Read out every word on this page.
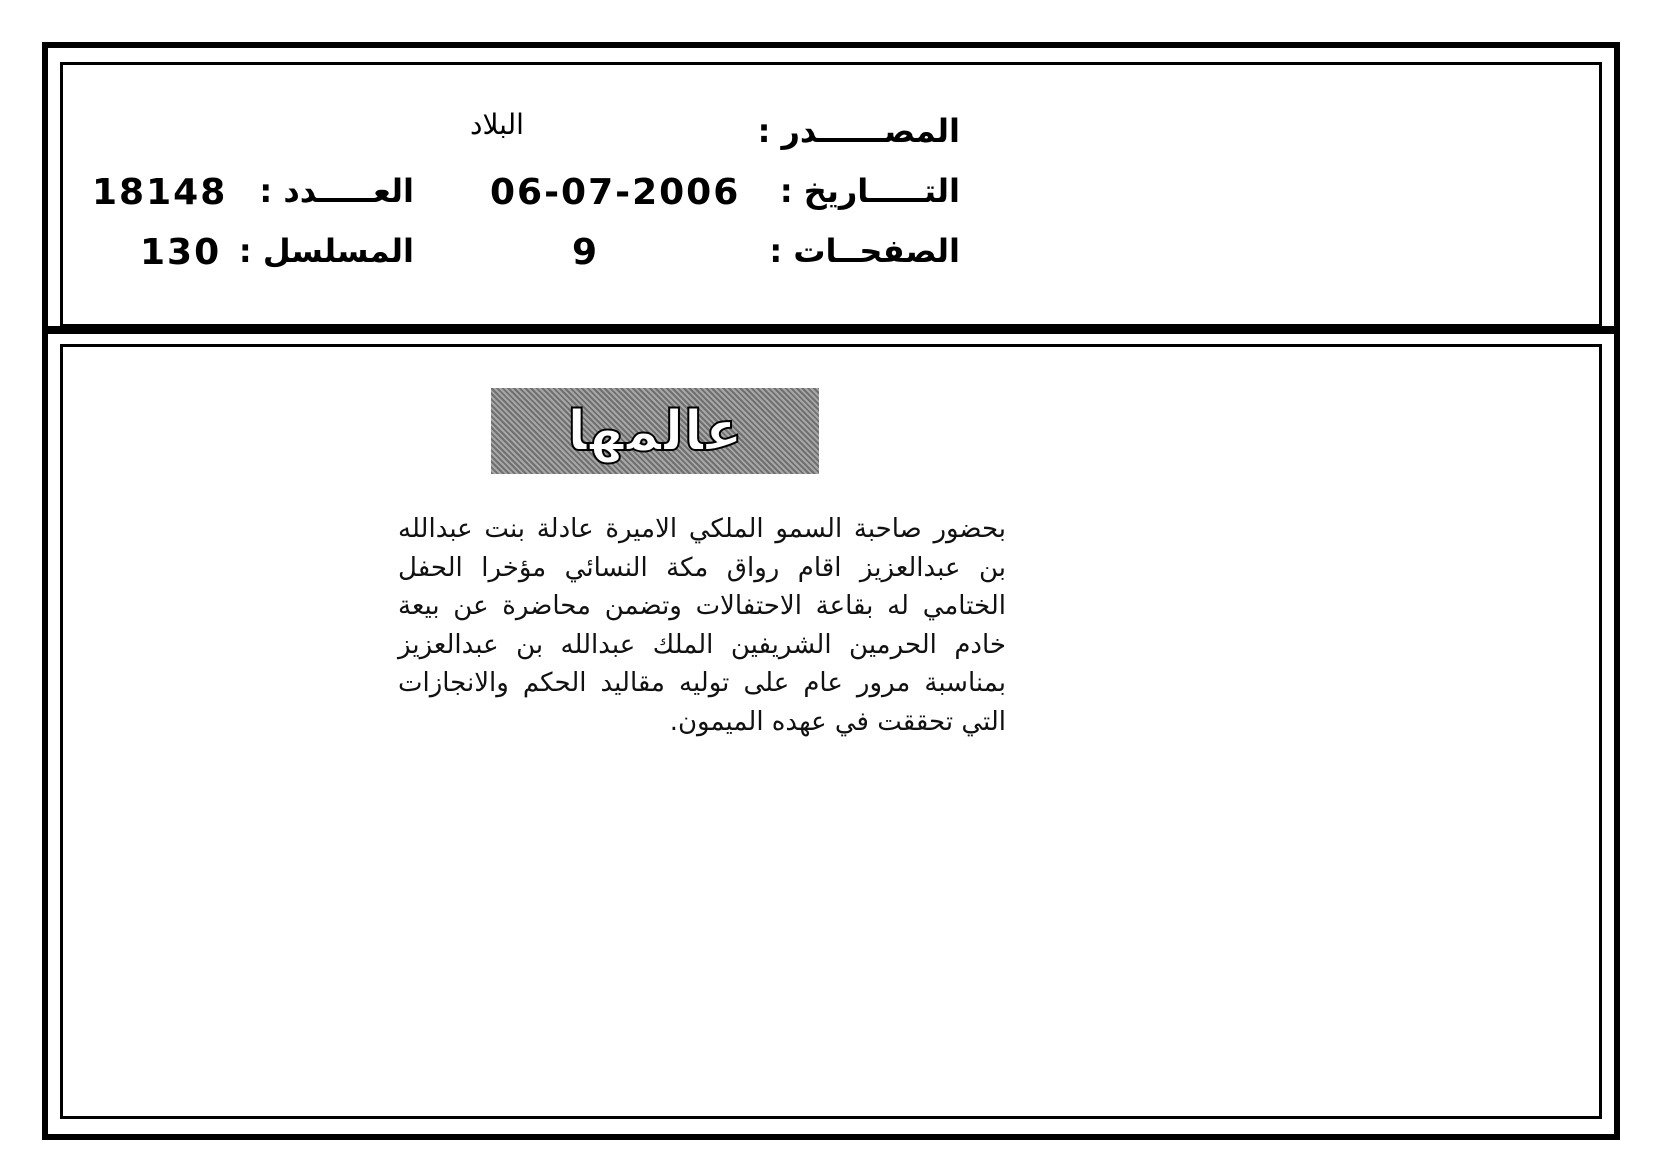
المصــــــدر :
البلاد
التـــــاريخ :
06-07-2006
العـــــدد :
18148
الصفحــات :
9
المسلسل :
130
عالمها
بحضور صاحبة السمو الملكي الاميرة عادلة بنت عبدالله بن عبدالعزيز اقام رواق مكة النسائي مؤخرا الحفل الختامي له بقاعة الاحتفالات وتضمن محاضرة عن بيعة خادم الحرمين الشريفين الملك عبدالله بن عبدالعزيز بمناسبة مرور عام على توليه مقاليد الحكم والانجازات التي تحققت في عهده الميمون.
